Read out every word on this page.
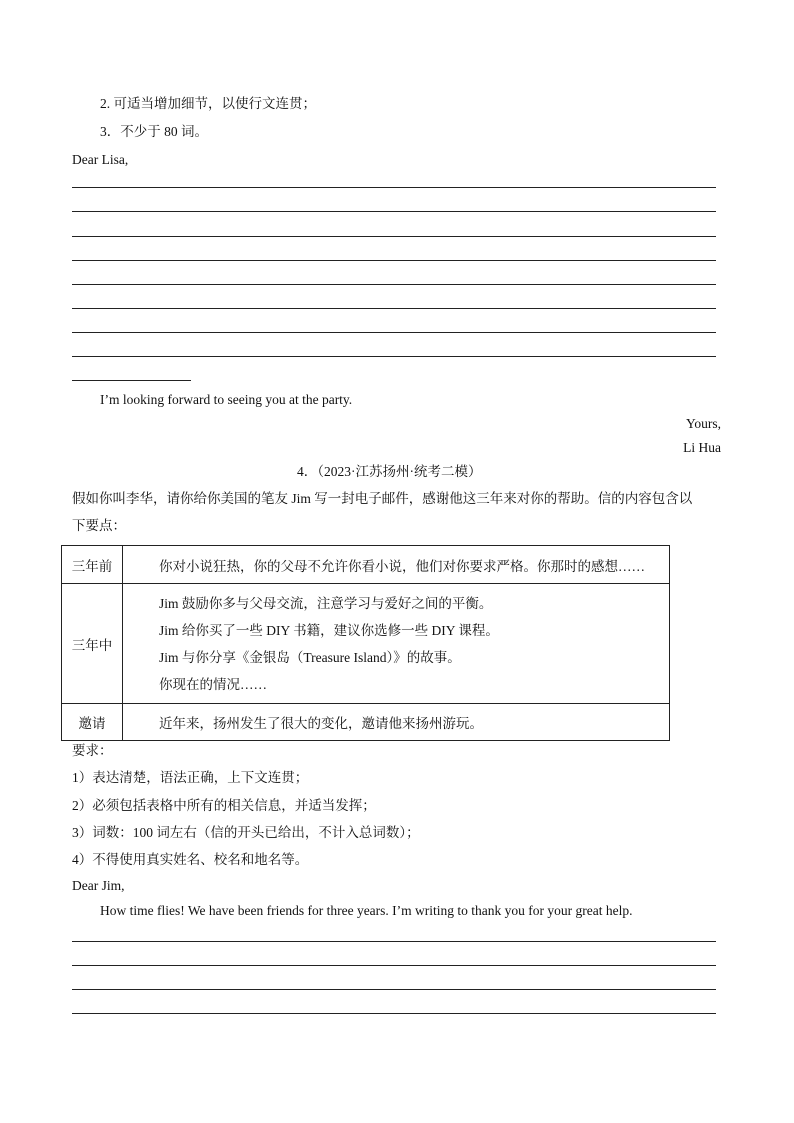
2. 可适当增加细节，以使行文连贯；
3．不少于 80 词。
Dear Lisa,
I’m looking forward to seeing you at the party.
Yours,
Li Hua
4．（2023·江苏扬州·统考二模）
假如你叫李华，请你给你美国的笔友 Jim 写一封电子邮件，感谢他这三年来对你的帮助。信的内容包含以
下要点：
三年前	你对小说狂热，你的父母不允许你看小说，他们对你要求严格。你那时的感想……
三年中	Jim 鼓励你多与父母交流，注意学习与爱好之间的平衡。
Jim 给你买了一些 DIY 书籍，建议你选修一些 DIY 课程。
Jim 与你分享《金银岛（Treasure Island）》的故事。
你现在的情况……

邀请	近年来，扬州发生了很大的变化，邀请他来扬州游玩。
要求：
1）表达清楚，语法正确，上下文连贯；
2）必须包括表格中所有的相关信息，并适当发挥；
3）词数：100 词左右（信的开头已给出，不计入总词数）；
4）不得使用真实姓名、校名和地名等。
Dear Jim,
How time flies! We have been friends for three years. I’m writing to thank you for your great help.
